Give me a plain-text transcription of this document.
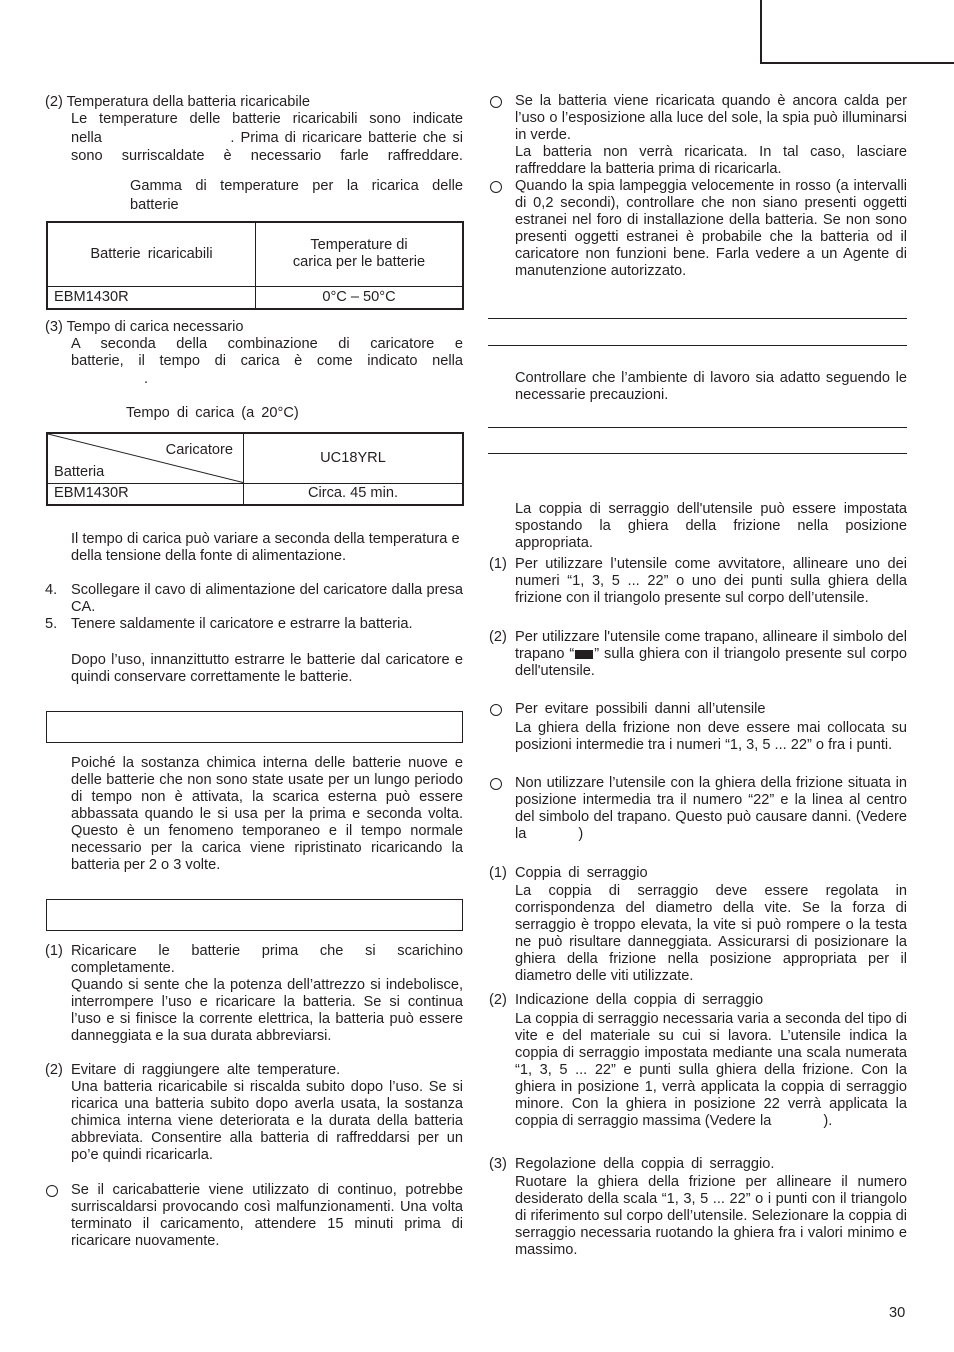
(2) Temperatura della batteria ricaricabile

Le temperature delle batterie ricaricabili sono indicate

nella	. Prima di ricaricare batterie che si

sono surriscaldate è necessario farle raffreddare.

Gamma di temperature per la ricarica delle

batterie

Batterie ricaricabili	Temperature di carica per le batterie
EBM1430R	0°C – 50°C

(3) Tempo di carica necessario

A seconda della combinazione di caricatore e

batterie, il tempo di carica è come indicato nella

.

Tempo di carica (a 20°C)

Caricatore
Batteria	UC18YRL
EBM1430R	Circa. 45 min.

Il tempo di carica può variare a seconda della temperatura e della tensione della fonte di alimentazione.

4. Scollegare il cavo di alimentazione del caricatore dalla presa CA.

5. Tenere saldamente il caricatore e estrarre la batteria.

Dopo l’uso, innanzittutto estrarre le batterie dal caricatore e quindi conservare correttamente le batterie.

Poiché la sostanza chimica interna delle batterie nuove e delle batterie che non sono state usate per un lungo periodo di tempo non è attivata, la scarica esterna può essere abbassata quando le si usa per la prima e seconda volta. Questo è un fenomeno temporaneo e il tempo normale necessario per la carica viene ripristinato ricaricando la batteria per 2 o 3 volte.

(1) Ricaricare le batterie prima che si scarichino completamente.

Quando si sente che la potenza dell’attrezzo si indebolisce, interrompere l’uso e ricaricare la batteria. Se si continua l’uso e si finisce la corrente elettrica, la batteria può essere danneggiata e la sua durata abbreviarsi.

(2) Evitare di raggiungere alte temperature.

Una batteria ricaricabile si riscalda subito dopo l’uso. Se si ricarica una batteria subito dopo averla usata, la sostanza chimica interna viene deteriorata e la durata della batteria abbreviata. Consentire alla batteria di raffreddarsi per un po’e quindi ricaricarla.

Se il caricabatterie viene utilizzato di continuo, potrebbe surriscaldarsi provocando così malfunzionamenti. Una volta terminato il caricamento, attendere 15 minuti prima di ricaricare nuovamente.

Se la batteria viene ricaricata quando è ancora calda per l’uso o l’esposizione alla luce del sole, la spia può illuminarsi in verde.

La batteria non verrà ricaricata. In tal caso, lasciare raffreddare la batteria prima di ricaricarla.

Quando la spia lampeggia velocemente in rosso (a intervalli di 0,2 secondi), controllare che non siano presenti oggetti estranei nel foro di installazione della batteria. Se non sono presenti oggetti estranei è probabile che la batteria od il caricatore non funzioni bene. Farla vedere a un Agente di manutenzione autorizzato.

Controllare che l’ambiente di lavoro sia adatto seguendo le necessarie precauzioni.

La coppia di serraggio dell'utensile può essere impostata spostando la ghiera della frizione nella posizione appropriata.

(1) Per utilizzare l’utensile come avvitatore, allineare uno dei numeri “1, 3, 5 ... 22” o uno dei punti sulla ghiera della frizione con il triangolo presente sul corpo dell’utensile.

(2) Per utilizzare l'utensile come trapano, allineare il simbolo del trapano “ ” sulla ghiera con il triangolo presente sul corpo dell'utensile.

Per evitare possibili danni all’utensile

La ghiera della frizione non deve essere mai collocata su posizioni intermedie tra i numeri “1, 3, 5 ... 22” o fra i punti.

Non utilizzare l’utensile con la ghiera della frizione situata in posizione intermedia tra il numero “22” e la linea al centro del simbolo del trapano. Questo può causare danni. (Vedere la	)

(1) Coppia di serraggio

La coppia di serraggio deve essere regolata in corrispondenza del diametro della vite. Se la forza di serraggio è troppo elevata, la vite si può rompere o la testa ne può risultare danneggiata. Assicurarsi di posizionare la ghiera della frizione nella posizione appropriata per il diametro delle viti utilizzate.

(2) Indicazione della coppia di serraggio

La coppia di serraggio necessaria varia a seconda del tipo di vite e del materiale su cui si lavora. L’utensile indica la coppia di serraggio impostata mediante una scala numerata “1, 3, 5 ... 22” e punti sulla ghiera della frizione. Con la ghiera in posizione 1, verrà applicata la coppia di serraggio minore. Con la ghiera in posizione 22 verrà applicata la coppia di serraggio massima (Vedere la	).

(3) Regolazione della coppia di serraggio.

Ruotare la ghiera della frizione per allineare il numero desiderato della scala “1, 3, 5 ... 22” o i punti con il triangolo di riferimento sul corpo dell’utensile. Selezionare la coppia di serraggio necessaria ruotando la ghiera fra i valori minimo e massimo.

30
